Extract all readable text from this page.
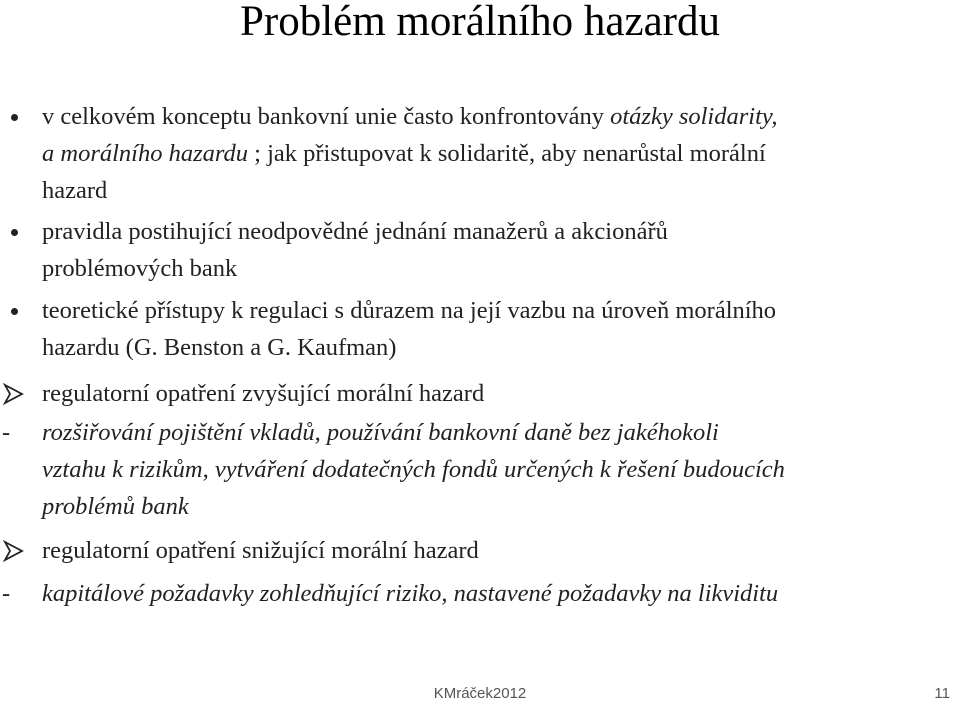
Problém morálního hazardu
v celkovém konceptu bankovní unie často konfrontovány otázky solidarity,
a morálního hazardu ; jak přistupovat k solidaritě, aby nenarůstal morální
hazard
pravidla postihující neodpovědné jednání manažerů a akcionářů
problémových bank
teoretické přístupy k regulaci s důrazem na její vazbu na úroveň morálního
hazardu (G. Benston a G. Kaufman)
regulatorní opatření zvyšující morální hazard
- rozšiřování pojištění vkladů, používání bankovní daně bez jakéhokoli
vztahu k rizikům, vytváření dodatečných fondů určených k řešení budoucích
problémů bank
regulatorní opatření snižující morální hazard
- kapitálové požadavky zohledňující riziko, nastavené požadavky na likviditu
KMráček2012	11
